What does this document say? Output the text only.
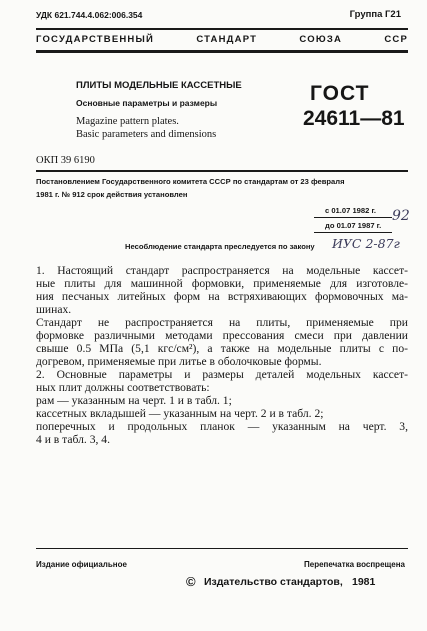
УДК 621.744.4.062:006.354	Группа Г21
ГОСУДАРСТВЕННЫЙ СТАНДАРТ СОЮЗА ССР
ПЛИТЫ МОДЕЛЬНЫЕ КАССЕТНЫЕ
Основные параметры и размеры
Magazine pattern plates.
Basic parameters and dimensions
ГОСТ
24611—81
ОКП 39 6190
Постановлением Государственного комитета СССР по стандартам от 23 февраля
1981 г. № 912 срок действия установлен
с 01.07 1982 г.
до 01.07 1987 г.
92
Несоблюдение стандарта преследуется по закону ИУС 2-87г
1. Настоящий стандарт распространяется на модельные кассет-
ные плиты для машинной формовки, применяемые для изготовле-
ния песчаных литейных форм на встряхивающих формовочных ма-
шинах.
Стандарт не распространяется на плиты, применяемые при
формовке различными методами прессования смеси при давлении
свыше 0.5 МПа (5,1 кгс/см²), а также на модельные плиты с по-
догревом, применяемые при литье в оболочковые формы.
2. Основные параметры и размеры деталей модельных кассет-
ных плит должны соответствовать:
рам — указанным на черт. 1 и в табл. 1;
кассетных вкладышей — указанным на черт. 2 и в табл. 2;
поперечных и продольных планок — указанным на черт. 3,
4 и в табл. 3, 4.
Издание официальное	Перепечатка воспрещена
© Издательство стандартов, 1981
